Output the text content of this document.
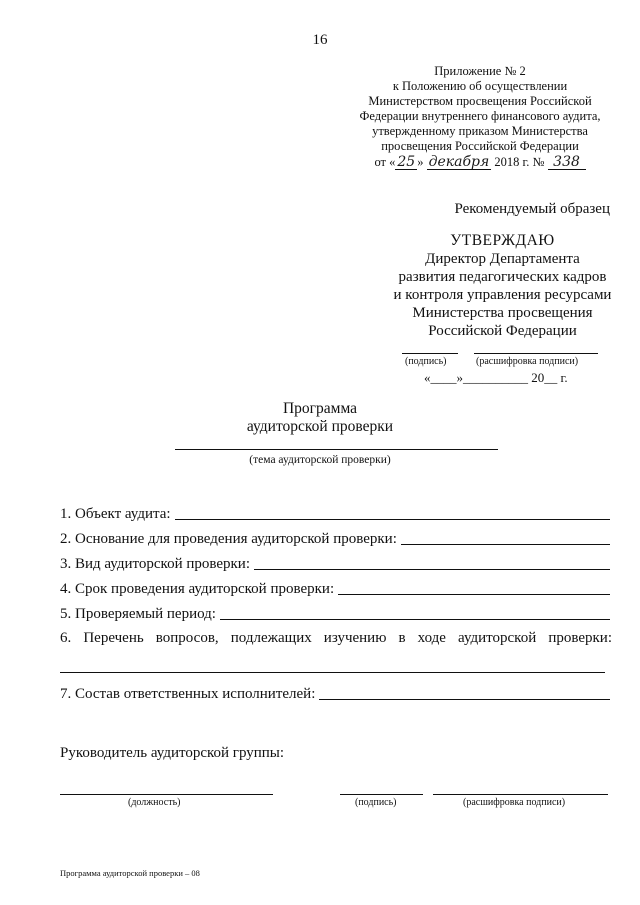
16
Приложение № 2
к Положению об осуществлении
Министерством просвещения Российской
Федерации внутреннего финансового аудита,
утвержденному приказом Министерства
просвещения Российской Федерации
от « 25 » декабря 2018 г. № 338
Рекомендуемый образец
УТВЕРЖДАЮ
Директор Департамента
развития педагогических кадров
и контроля управления ресурсами
Министерства просвещения
Российской Федерации
(подпись)	(расшифровка подписи)
«____»__________ 20__ г.
Программа
аудиторской проверки
(тема аудиторской проверки)
1. Объект аудита:
2. Основание для проведения аудиторской проверки:
3. Вид аудиторской проверки:
4. Срок проведения аудиторской проверки:
5. Проверяемый период:
6. Перечень вопросов, подлежащих изучению в ходе аудиторской проверки:
7. Состав ответственных исполнителей:
Руководитель аудиторской группы:
(должность)	(подпись)	(расшифровка подписи)
Программа аудиторской проверки – 08
